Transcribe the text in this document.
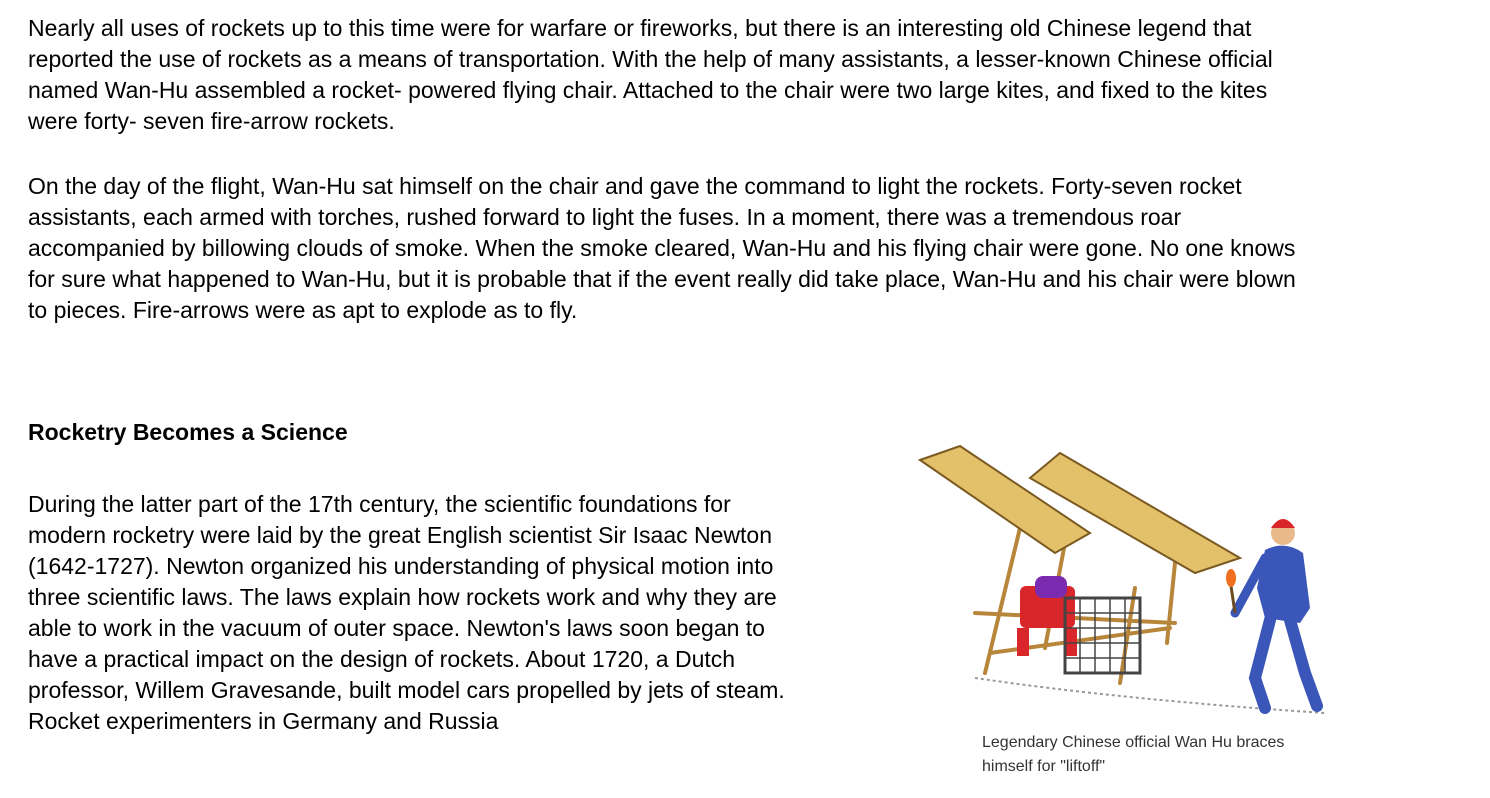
Nearly all uses of rockets up to this time were for warfare or fireworks, but there is an interesting old Chinese legend that
reported the use of rockets as a means of transportation. With the help of many assistants, a lesser-known Chinese official
named Wan-Hu assembled a rocket- powered flying chair. Attached to the chair were two large kites, and fixed to the kites
were forty- seven fire-arrow rockets.

On the day of the flight, Wan-Hu sat himself on the chair and gave the command to light the rockets. Forty-seven rocket
assistants, each armed with torches, rushed forward to light the fuses. In a moment, there was a tremendous roar
accompanied by billowing clouds of smoke. When the smoke cleared, Wan-Hu and his flying chair were gone. No one knows
for sure what happened to Wan-Hu, but it is probable that if the event really did take place, Wan-Hu and his chair were blown
to pieces. Fire-arrows were as apt to explode as to fly.

Rocketry Becomes a Science

During the latter part of the 17th century, the scientific foundations for
modern rocketry were laid by the great English scientist Sir Isaac Newton
(1642-1727). Newton organized his understanding of physical motion into
three scientific laws. The laws explain how rockets work and why they are
able to work in the vacuum of outer space. Newton's laws soon began to
have a practical impact on the design of rockets. About 1720, a Dutch
professor, Willem Gravesande, built model cars propelled by jets of steam.
Rocket experimenters in Germany and Russia

Legendary Chinese official Wan Hu braces
himself for "liftoff"
